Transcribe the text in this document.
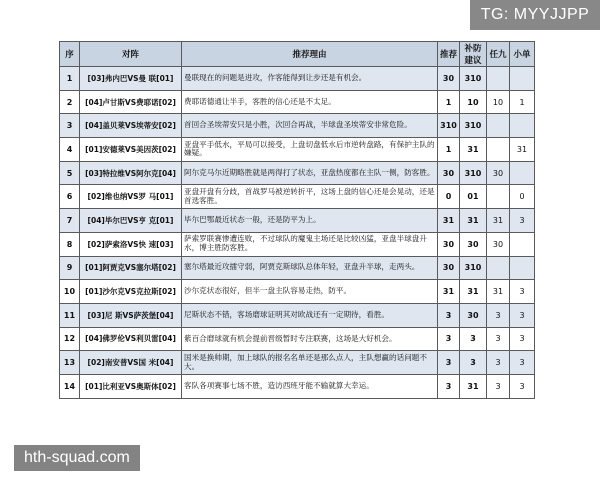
TG: MYYJJPP
序	对阵	推荐理由	推荐	补防建议	任九	小单
1	[03]弗内巴VS曼 联[01]	曼联现在的问题是进攻，作客能得到让步还是有机会。	30	310		
2	[04]卢甘斯VS费耶诺[02]	费耶诺德通让半手，客胜的信心还是不太足。	1	10	10	1
3	[04]盖贝莱VS埃蒂安[02]	首回合圣埃蒂安只是小胜，次回合再战，半球盘圣埃蒂安非常危险。	310	310		
4	[01]安德莱VS美因茨[02]	亚盘平手低水，平局可以接受，上盘切盘低水后市逆转盘路，有保护主队的嫌疑。	1	31		31
5	[03]特拉维VS阿尔克[04]	阿尔克马尔近期略胜就是两得打了状态，亚盘热度都在主队一侧，防客胜。	30	310	30	
6	[02]维也纳VS罗 马[01]	亚盘开盘有分歧，首战罗马被逆转折平，这场上盘的信心还是会晃动，还是首选客胜。	0	01		0
7	[04]毕尔巴VS亨 克[01]	毕尔巴鄂最近状态一般，还是防平为上。	31	31	31	3
8	[02]萨索洛VS快 速[03]	萨索罗联赛惨遭连败，不过球队的魔鬼主场还是比较凶猛，亚盘半球盘升水，博主胜防客胜。	30	30	30	
9	[01]阿贾克VS塞尔塔[02]	塞尔塔最近攻擂守弱，阿贾克斯球队总体年轻，亚盘升半球，走两头。	30	310		
10	[01]沙尔克VS克拉斯[02]	沙尔克状态很好，但半一盘主队容易走热，防平。	31	31	31	3
11	[03]尼 斯VS萨茨堡[04]	尼斯状态不错，客场磨球证明其对欧战还有一定期待，看胜。	3	30	3	3
12	[04]佛罗伦VS利贝雷[04]	紫百合磨球就有机会提前晋级暂时专注联赛，这场是大好机会。	3	3	3	3
13	[02]南安普VS国 米[04]	国米是换帅期，加上球队的报名名单还是那么点人，主队想赢的话问题不大。	3	3	3	3
14	[01]比利亚VS奥斯体[02]	客队各项赛事七场不胜，造访西班牙能不输就算大幸运。	3	31	3	3
hth-squad.com
